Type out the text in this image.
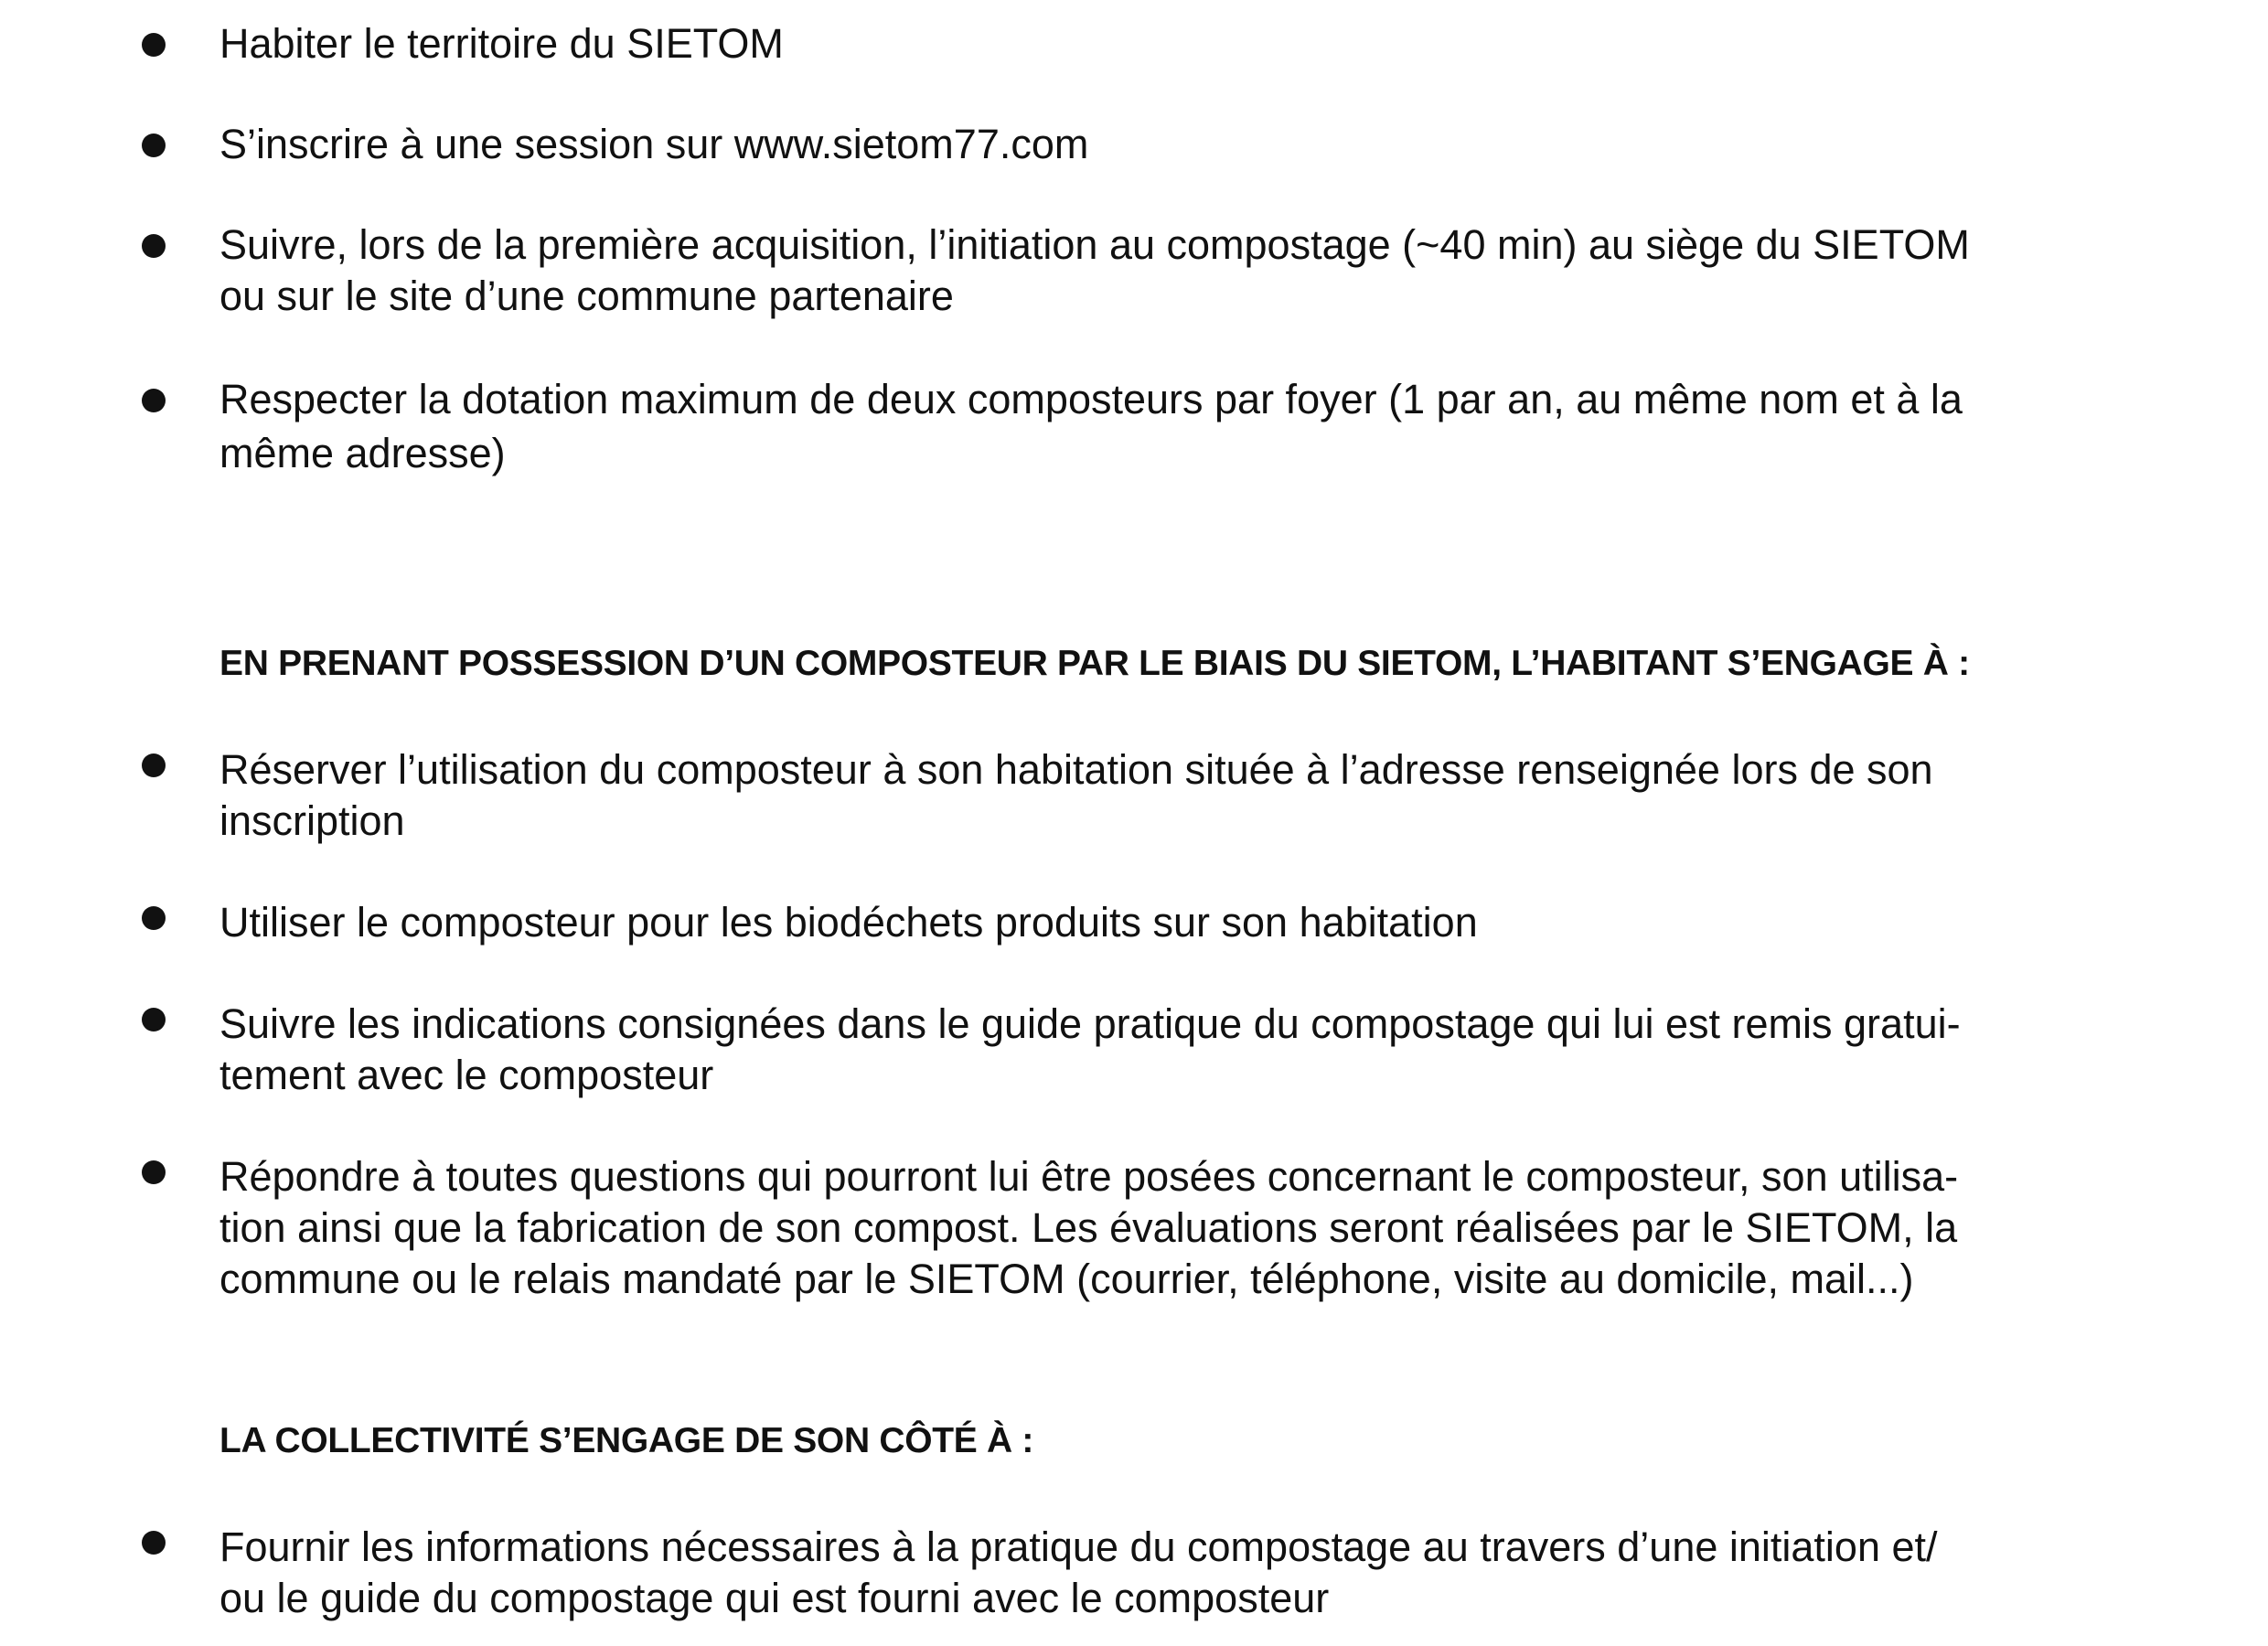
Habiter le territoire du SIETOM
S’inscrire à une session sur www.sietom77.com
Suivre, lors de la première acquisition, l’initiation au compostage (~40 min) au siège du SIETOM
ou sur le site d’une commune partenaire
Respecter la dotation maximum de deux composteurs par foyer (1 par an, au même nom et à la
même adresse)
EN PRENANT POSSESSION D’UN COMPOSTEUR PAR LE BIAIS DU SIETOM, L’HABITANT S’ENGAGE À :
Réserver l’utilisation du composteur à son habitation située à l’adresse renseignée lors de son
inscription
Utiliser le composteur pour les biodéchets produits sur son habitation
Suivre les indications consignées dans le guide pratique du compostage qui lui est remis gratui-
tement avec le composteur
Répondre à toutes questions qui pourront lui être posées concernant le composteur, son utilisa-
tion ainsi que la fabrication de son compost. Les évaluations seront réalisées par le SIETOM, la
commune ou le relais mandaté par le SIETOM (courrier, téléphone, visite au domicile, mail...)
LA COLLECTIVITÉ S’ENGAGE DE SON CÔTÉ À :
Fournir les informations nécessaires à la pratique du compostage au travers d’une initiation et/
ou le guide du compostage qui est fourni avec le composteur
